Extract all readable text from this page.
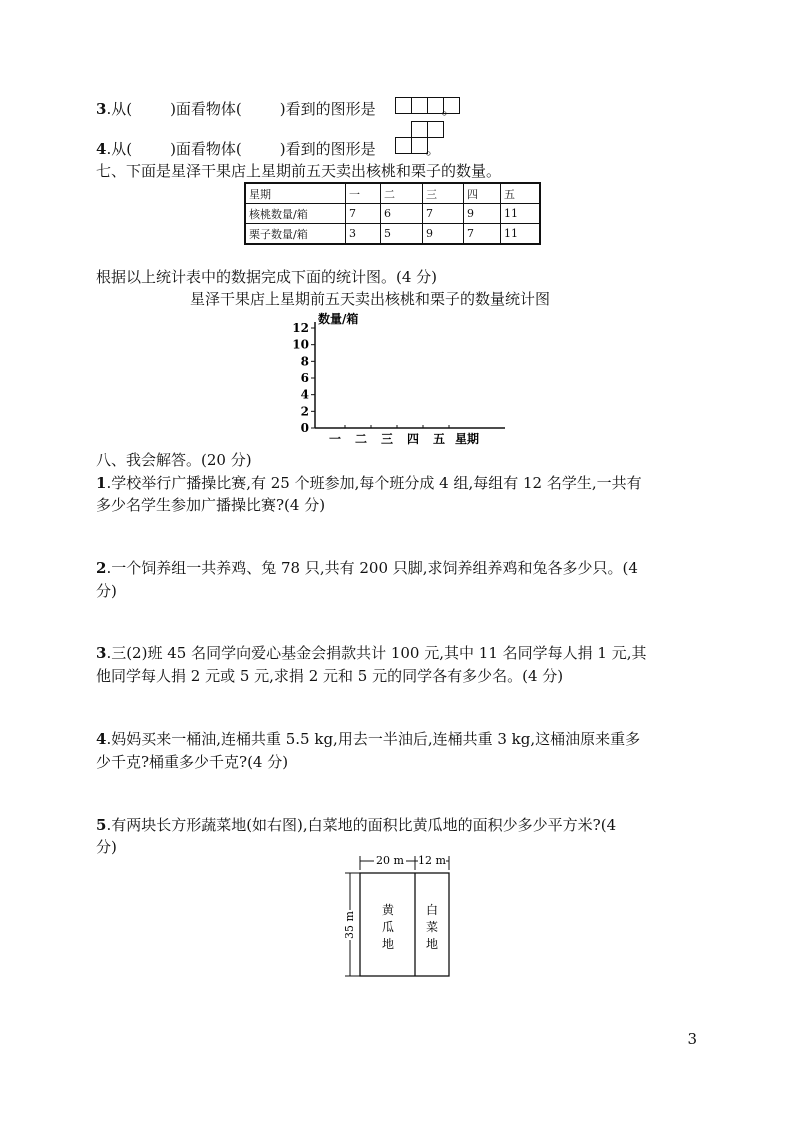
3.从(	)面看物体(	)看到的图形是	。
4.从(	)面看物体(	)看到的图形是	。
七、下面是星泽干果店上星期前五天卖出核桃和栗子的数量。
星期	一	二	三	四	五
核桃数量/箱	7	6	7	9	11
栗子数量/箱	3	5	9	7	11
根据以上统计表中的数据完成下面的统计图。(4 分)
星泽干果店上星期前五天卖出核桃和栗子的数量统计图
0
2
4
6
8
10
12
数量/箱
一 二 三 四 五 星期
八、我会解答。(20 分)
1.学校举行广播操比赛,有 25 个班参加,每个班分成 4 组,每组有 12 名学生,一共有
多少名学生参加广播操比赛?(4 分)
2.一个饲养组一共养鸡、兔 78 只,共有 200 只脚,求饲养组养鸡和兔各多少只。(4
分)
3.三(2)班 45 名同学向爱心基金会捐款共计 100 元,其中 11 名同学每人捐 1 元,其
他同学每人捐 2 元或 5 元,求捐 2 元和 5 元的同学各有多少名。(4 分)
4.妈妈买来一桶油,连桶共重 5.5 kg,用去一半油后,连桶共重 3 kg,这桶油原来重多
少千克?桶重多少千克?(4 分)
5.有两块长方形蔬菜地(如右图),白菜地的面积比黄瓜地的面积少多少平方米?(4
分)
20 m 12 m
35 m
黄
瓜
地
白
菜
地
3
